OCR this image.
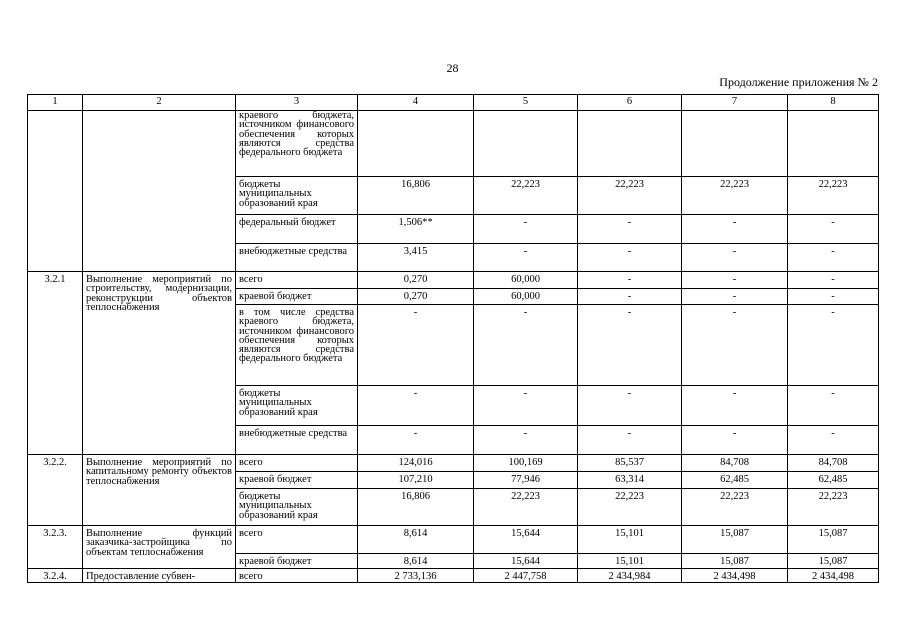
28
Продолжение приложения № 2
1	2	3	4	5	6	7	8
		краевого бюджета, источником финансового обеспечения которых являются средства федерального бюджета					
		бюджеты муниципальных образований края	16,806	22,223	22,223	22,223	22,223
		федеральный бюджет	1,506**	-	-	-	-
		внебюджетные средства	3,415	-	-	-	-
3.2.1	Выполнение мероприятий по строительству, модернизации, реконструкции объектов теплоснабжения	всего	0,270	60,000	-	-	-
		краевой бюджет	0,270	60,000	-	-	-
		в том числе средства краевого бюджета, источником финансового обеспечения которых являются средства федерального бюджета	-	-	-	-	-
		бюджеты муниципальных образований края	-	-	-	-	-
		внебюджетные средства	-	-	-	-	-
3.2.2.	Выполнение мероприятий по капитальному ремонту объектов теплоснабжения	всего	124,016	100,169	85,537	84,708	84,708
		краевой бюджет	107,210	77,946	63,314	62,485	62,485
		бюджеты муниципальных образований края	16,806	22,223	22,223	22,223	22,223
3.2.3.	Выполнение функций заказчика-застройщика по объектам теплоснабжения	всего	8,614	15,644	15,101	15,087	15,087
		краевой бюджет	8,614	15,644	15,101	15,087	15,087
3.2.4.	Предоставление субвен-	всего	2 733,136	2 447,758	2 434,984	2 434,498	2 434,498
